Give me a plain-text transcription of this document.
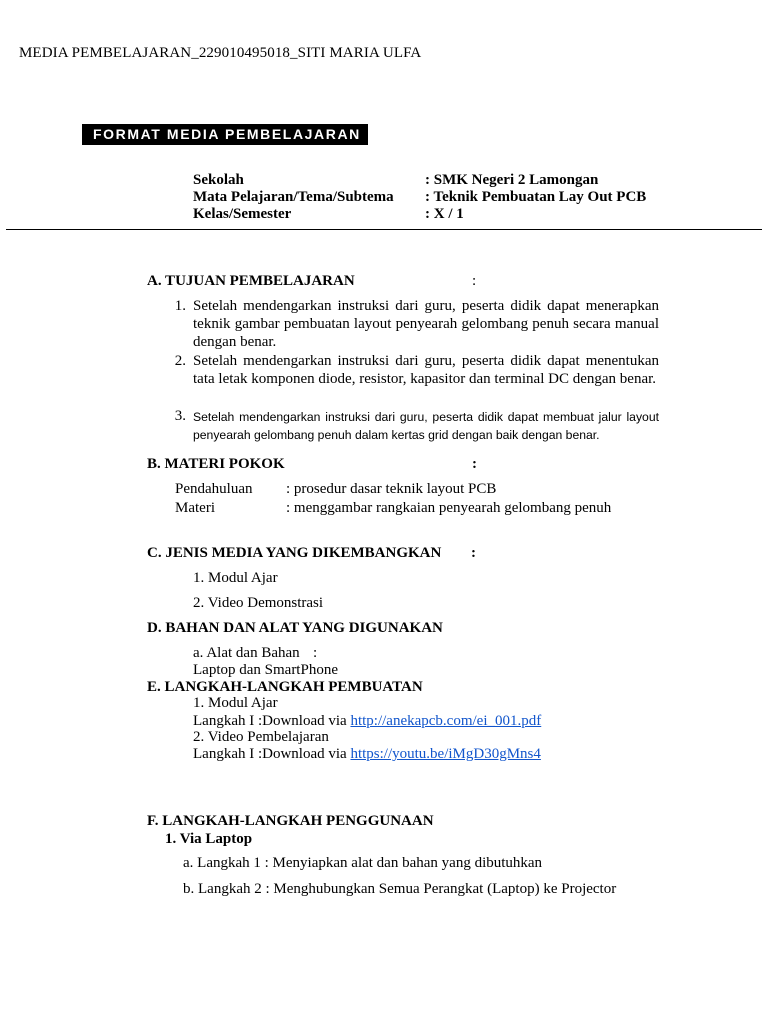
MEDIA PEMBELAJARAN_229010495018_SITI MARIA ULFA
FORMAT MEDIA PEMBELAJARAN
Sekolah	: SMK Negeri 2 Lamongan
Mata Pelajaran/Tema/Subtema : Teknik Pembuatan Lay Out PCB
Kelas/Semester	: X / 1
A. TUJUAN PEMBELAJARAN	:
1. Setelah mendengarkan instruksi dari guru, peserta didik dapat menerapkan teknik gambar pembuatan layout penyearah gelombang penuh secara manual dengan benar.
2. Setelah mendengarkan instruksi dari guru, peserta didik dapat menentukan tata letak komponen diode, resistor, kapasitor dan terminal DC dengan benar.
3. Setelah mendengarkan instruksi dari guru, peserta didik dapat membuat jalur layout penyearah gelombang penuh dalam kertas grid dengan baik dengan benar.
B. MATERI POKOK	:
Pendahuluan : prosedur dasar teknik layout PCB
Materi	: menggambar rangkaian penyearah gelombang penuh
C. JENIS MEDIA YANG DIKEMBANGKAN :
1. Modul Ajar
2. Video Demonstrasi
D. BAHAN DAN ALAT YANG DIGUNAKAN
a. Alat dan Bahan :
Laptop dan SmartPhone
E. LANGKAH-LANGKAH PEMBUATAN
1. Modul Ajar
Langkah I :Download via http://anekapcb.com/ei_001.pdf
2. Video Pembelajaran
Langkah I :Download via https://youtu.be/iMgD30gMns4
F. LANGKAH-LANGKAH PENGGUNAAN
1. Via Laptop
a. Langkah 1 : Menyiapkan alat dan bahan yang dibutuhkan
b. Langkah 2 : Menghubungkan Semua Perangkat (Laptop) ke Projector
